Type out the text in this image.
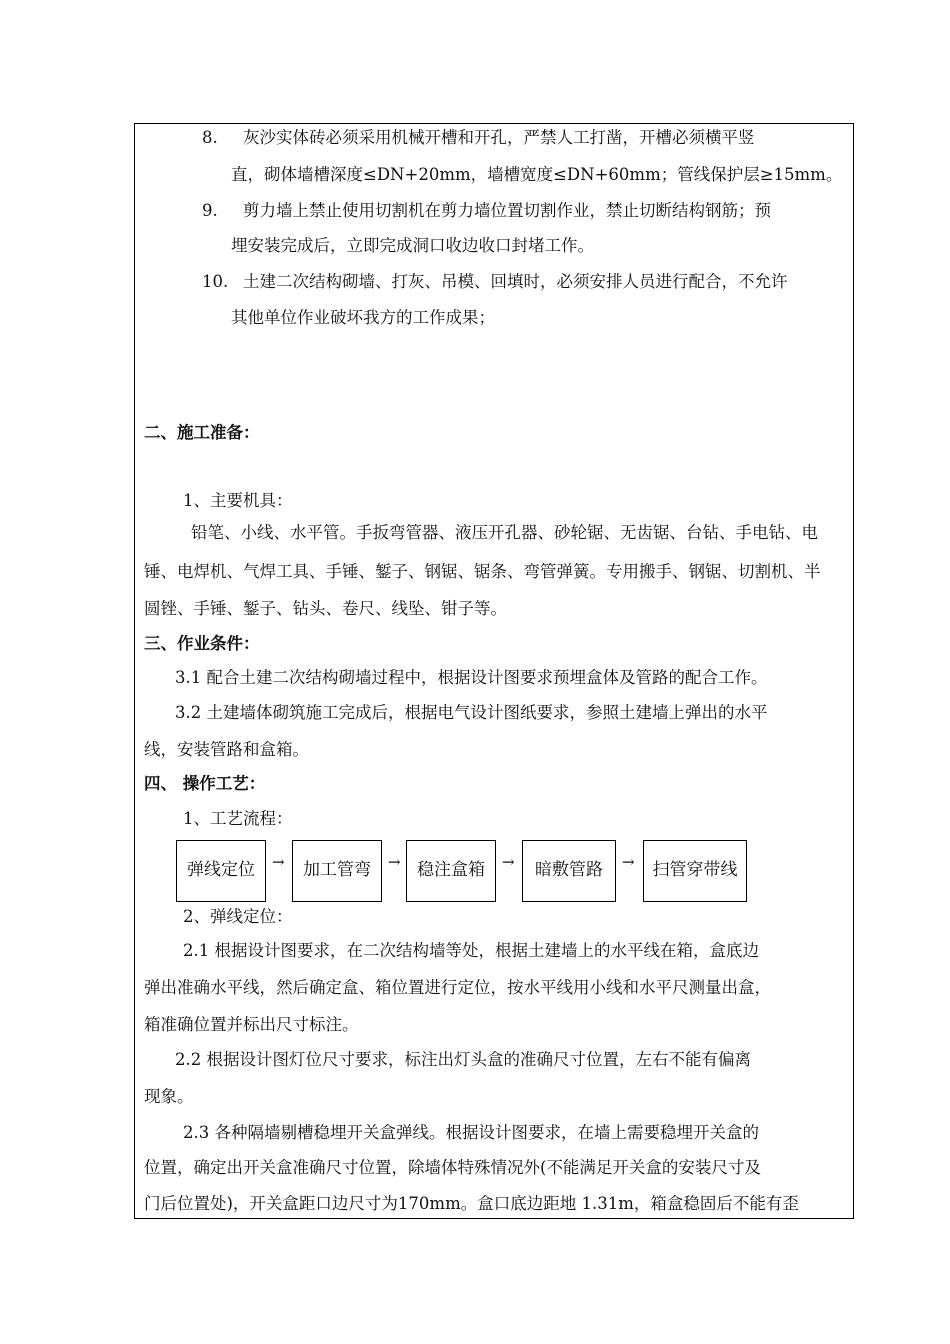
8. 灰沙实体砖必须采用机械开槽和开孔，严禁人工打凿，开槽必须横平竖
直，砌体墙槽深度≤DN+20mm，墙槽宽度≤DN+60mm；管线保护层≥15mm。
9. 剪力墙上禁止使用切割机在剪力墙位置切割作业，禁止切断结构钢筋；预
埋安装完成后，立即完成洞口收边收口封堵工作。
10. 土建二次结构砌墙、打灰、吊模、回填时，必须安排人员进行配合，不允许
其他单位作业破坏我方的工作成果；
二、施工准备：
1、主要机具：
铅笔、小线、水平管。手扳弯管器、液压开孔器、砂轮锯、无齿锯、台钻、手电钻、电
锤、电焊机、气焊工具、手锤、錾子、钢锯、锯条、弯管弹簧。专用搬手、钢锯、切割机、半
圆锉、手锤、錾子、钻头、卷尺、线坠、钳子等。
三、作业条件：
3.1 配合土建二次结构砌墙过程中，根据设计图要求预埋盒体及管路的配合工作。
3.2 土建墙体砌筑施工完成后，根据电气设计图纸要求，参照土建墙上弹出的水平
线，安装管路和盒箱。
四、 操作工艺：
1、工艺流程：
弹线定位	→	加工管弯	→ 稳注盒箱	→	暗敷管路	→	扫管穿带线
2、弹线定位：
2.1 根据设计图要求，在二次结构墙等处，根据土建墙上的水平线在箱，盒底边
弹出准确水平线，然后确定盒、箱位置进行定位，按水平线用小线和水平尺测量出盒，
箱准确位置并标出尺寸标注。
2.2 根据设计图灯位尺寸要求，标注出灯头盒的准确尺寸位置，左右不能有偏离
现象。
2.3 各种隔墙剔槽稳埋开关盒弹线。根据设计图要求，在墙上需要稳埋开关盒的
位置，确定出开关盒准确尺寸位置，除墙体特殊情况外(不能满足开关盒的安装尺寸及
门后位置处)，开关盒距口边尺寸为170mm。盒口底边距地 1.31m，箱盒稳固后不能有歪
